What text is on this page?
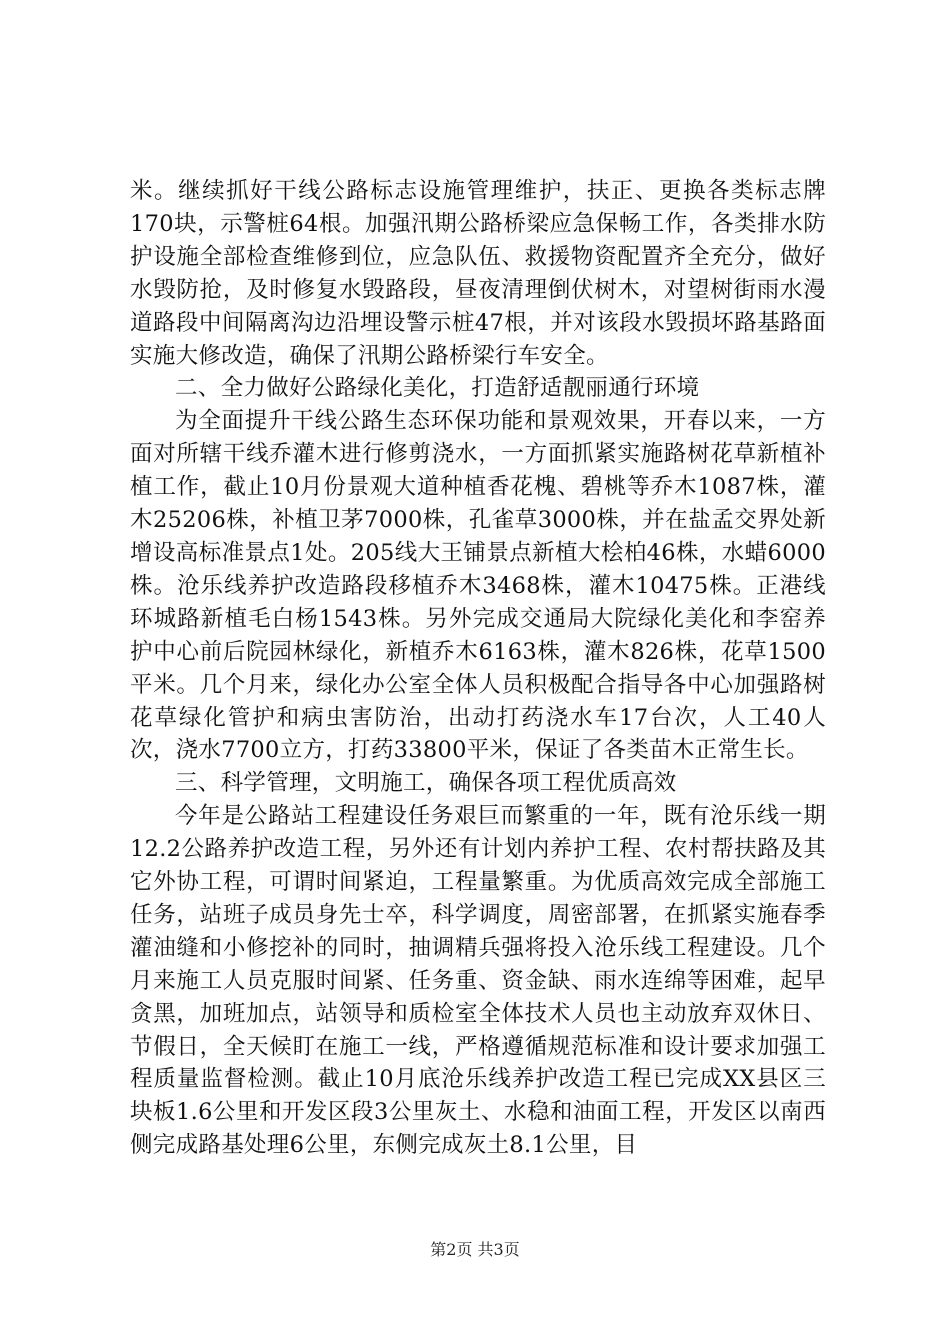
米。继续抓好干线公路标志设施管理维护，扶正、更换各类标志牌170块，示警桩64根。加强汛期公路桥梁应急保畅工作，各类排水防护设施全部检查维修到位，应急队伍、救援物资配置齐全充分，做好水毁防抢，及时修复水毁路段，昼夜清理倒伏树木，对望树街雨水漫道路段中间隔离沟边沿埋设警示桩47根，并对该段水毁损坏路基路面实施大修改造，确保了汛期公路桥梁行车安全。

二、全力做好公路绿化美化，打造舒适靓丽通行环境

为全面提升干线公路生态环保功能和景观效果，开春以来，一方面对所辖干线乔灌木进行修剪浇水，一方面抓紧实施路树花草新植补植工作，截止10月份景观大道种植香花槐、碧桃等乔木1087株，灌木25206株，补植卫茅7000株，孔雀草3000株，并在盐孟交界处新增设高标准景点1处。205线大王铺景点新植大桧柏46株，水蜡6000株。沧乐线养护改造路段移植乔木3468株，灌木10475株。正港线环城路新植毛白杨1543株。另外完成交通局大院绿化美化和李窑养护中心前后院园林绿化，新植乔木6163株，灌木826株，花草1500平米。几个月来，绿化办公室全体人员积极配合指导各中心加强路树花草绿化管护和病虫害防治，出动打药浇水车17台次，人工40人次，浇水7700立方，打药33800平米，保证了各类苗木正常生长。

三、科学管理，文明施工，确保各项工程优质高效

今年是公路站工程建设任务艰巨而繁重的一年，既有沧乐线一期12.2公路养护改造工程，另外还有计划内养护工程、农村帮扶路及其它外协工程，可谓时间紧迫，工程量繁重。为优质高效完成全部施工任务，站班子成员身先士卒，科学调度，周密部署，在抓紧实施春季灌油缝和小修挖补的同时，抽调精兵强将投入沧乐线工程建设。几个月来施工人员克服时间紧、任务重、资金缺、雨水连绵等困难，起早贪黑，加班加点，站领导和质检室全体技术人员也主动放弃双休日、节假日，全天候盯在施工一线，严格遵循规范标准和设计要求加强工程质量监督检测。截止10月底沧乐线养护改造工程已完成XX县区三块板1.6公里和开发区段3公里灰土、水稳和油面工程，开发区以南西侧完成路基处理6公里，东侧完成灰土8.1公里，目

第2页 共3页
